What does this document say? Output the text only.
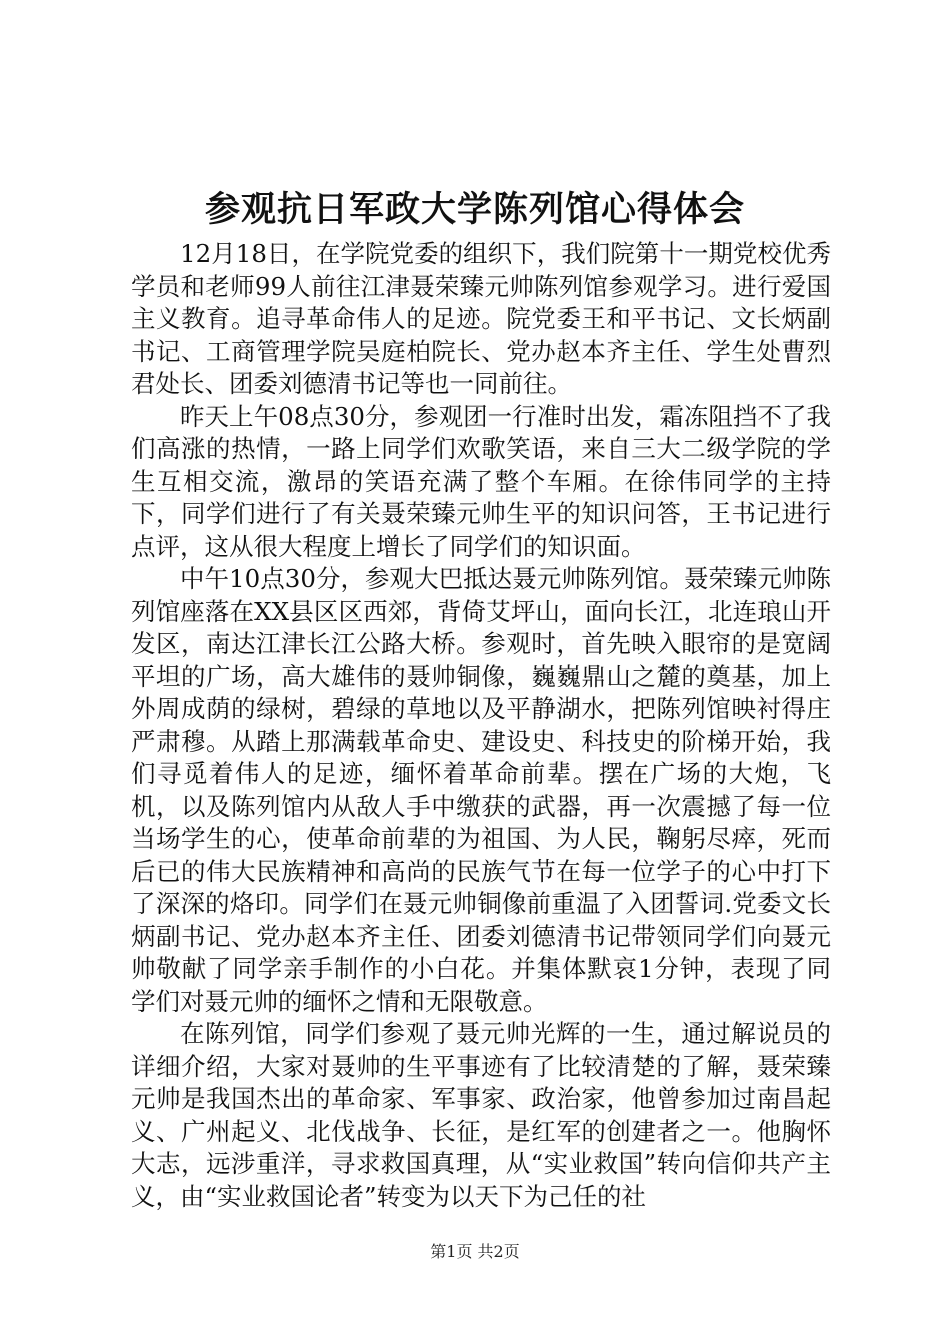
参观抗日军政大学陈列馆心得体会

12月18日，在学院党委的组织下，我们院第十一期党校优秀学员和老师99人前往江津聂荣臻元帅陈列馆参观学习。进行爱国主义教育。追寻革命伟人的足迹。院党委王和平书记、文长炳副书记、工商管理学院吴庭柏院长、党办赵本齐主任、学生处曹烈君处长、团委刘德清书记等也一同前往。

昨天上午08点30分，参观团一行准时出发，霜冻阻挡不了我们高涨的热情，一路上同学们欢歌笑语，来自三大二级学院的学生互相交流，激昂的笑语充满了整个车厢。在徐伟同学的主持下，同学们进行了有关聂荣臻元帅生平的知识问答，王书记进行点评，这从很大程度上增长了同学们的知识面。

中午10点30分，参观大巴抵达聂元帅陈列馆。聂荣臻元帅陈列馆座落在XX县区区西郊，背倚艾坪山，面向长江，北连琅山开发区，南达江津长江公路大桥。参观时，首先映入眼帘的是宽阔平坦的广场，高大雄伟的聂帅铜像，巍巍鼎山之麓的奠基，加上外周成荫的绿树，碧绿的草地以及平静湖水，把陈列馆映衬得庄严肃穆。从踏上那满载革命史、建设史、科技史的阶梯开始，我们寻觅着伟人的足迹，缅怀着革命前辈。摆在广场的大炮，飞机，以及陈列馆内从敌人手中缴获的武器，再一次震撼了每一位当场学生的心，使革命前辈的为祖国、为人民，鞠躬尽瘁，死而后已的伟大民族精神和高尚的民族气节在每一位学子的心中打下了深深的烙印。同学们在聂元帅铜像前重温了入团誓词.党委文长炳副书记、党办赵本齐主任、团委刘德清书记带领同学们向聂元帅敬献了同学亲手制作的小白花。并集体默哀1分钟，表现了同学们对聂元帅的缅怀之情和无限敬意。

在陈列馆，同学们参观了聂元帅光辉的一生，通过解说员的详细介绍，大家对聂帅的生平事迹有了比较清楚的了解，聂荣臻元帅是我国杰出的革命家、军事家、政治家，他曾参加过南昌起义、广州起义、北伐战争、长征，是红军的创建者之一。他胸怀大志，远涉重洋，寻求救国真理，从“实业救国”转向信仰共产主义，由“实业救国论者”转变为以天下为己任的社

第1页 共2页
